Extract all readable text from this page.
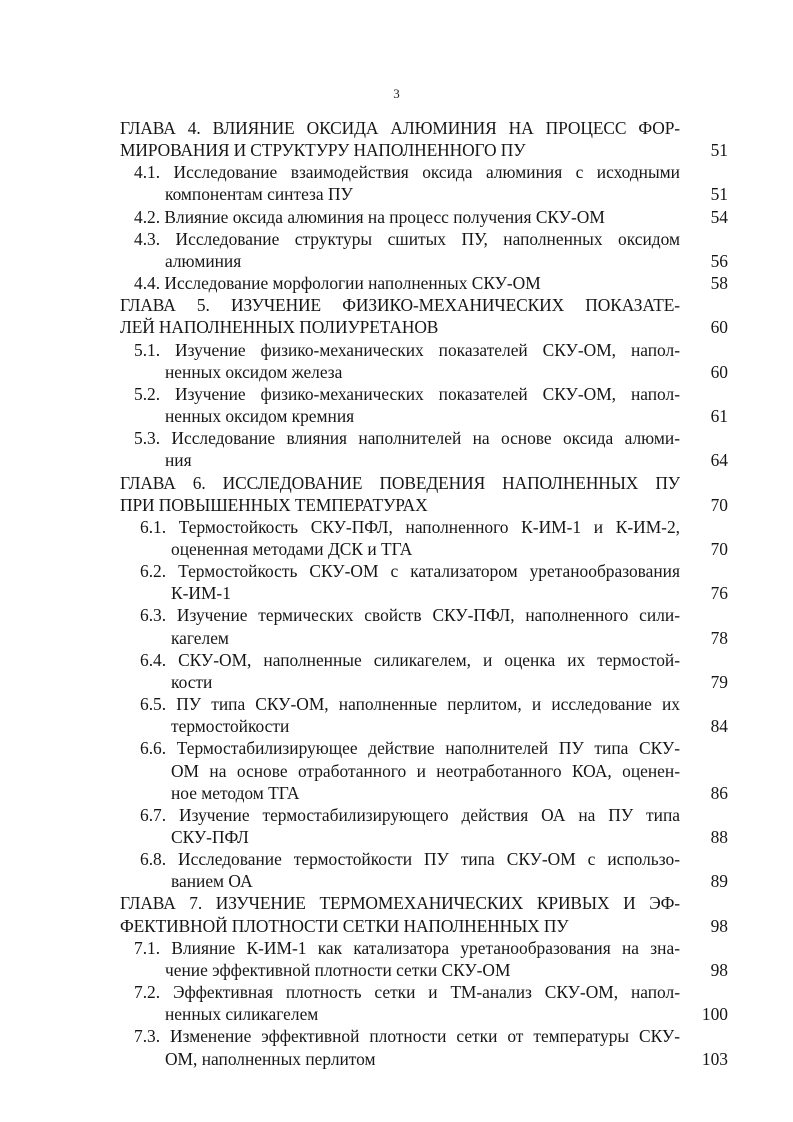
3
ГЛАВА 4. ВЛИЯНИЕ ОКСИДА АЛЮМИНИЯ НА ПРОЦЕСС ФОР-
МИРОВАНИЯ И СТРУКТУРУ НАПОЛНЕННОГО ПУ	51
4.1. Исследование взаимодействия оксида алюминия с исходными
компонентам синтеза ПУ	51
4.2. Влияние оксида алюминия на процесс получения СКУ-ОМ	54
4.3. Исследование структуры сшитых ПУ, наполненных оксидом
алюминия	56
4.4. Исследование морфологии наполненных СКУ-ОМ	58
ГЛАВА 5. ИЗУЧЕНИЕ ФИЗИКО-МЕХАНИЧЕСКИХ ПОКАЗАТЕ-
ЛЕЙ НАПОЛНЕННЫХ ПОЛИУРЕТАНОВ	60
5.1. Изучение физико-механических показателей СКУ-ОМ, напол-
ненных оксидом железа	60
5.2. Изучение физико-механических показателей СКУ-ОМ, напол-
ненных оксидом кремния	61
5.3. Исследование влияния наполнителей на основе оксида алюми-
ния	64
ГЛАВА 6. ИССЛЕДОВАНИЕ ПОВЕДЕНИЯ НАПОЛНЕННЫХ ПУ
ПРИ ПОВЫШЕННЫХ ТЕМПЕРАТУРАХ	70
6.1. Термостойкость СКУ-ПФЛ, наполненного К-ИМ-1 и К-ИМ-2,
оцененная методами ДСК и ТГА	70
6.2. Термостойкость СКУ-ОМ с катализатором уретанообразования
К-ИМ-1	76
6.3. Изучение термических свойств СКУ-ПФЛ, наполненного сили-
кагелем	78
6.4. СКУ-ОМ, наполненные силикагелем, и оценка их термостой-
кости	79
6.5. ПУ типа СКУ-ОМ, наполненные перлитом, и исследование их
термостойкости	84
6.6. Термостабилизирующее действие наполнителей ПУ типа СКУ-
ОМ на основе отработанного и неотработанного КОА, оценен-
ное методом ТГА	86
6.7. Изучение термостабилизирующего действия ОА на ПУ типа
СКУ-ПФЛ	88
6.8. Исследование термостойкости ПУ типа СКУ-ОМ с использо-
ванием ОА	89
ГЛАВА 7. ИЗУЧЕНИЕ ТЕРМОМЕХАНИЧЕСКИХ КРИВЫХ И ЭФ-
ФЕКТИВНОЙ ПЛОТНОСТИ СЕТКИ НАПОЛНЕННЫХ ПУ	98
7.1. Влияние К-ИМ-1 как катализатора уретанообразования на зна-
чение эффективной плотности сетки СКУ-ОМ	98
7.2. Эффективная плотность сетки и ТМ-анализ СКУ-ОМ, напол-
ненных силикагелем	100
7.3. Изменение эффективной плотности сетки от температуры СКУ-
ОМ, наполненных перлитом	103
